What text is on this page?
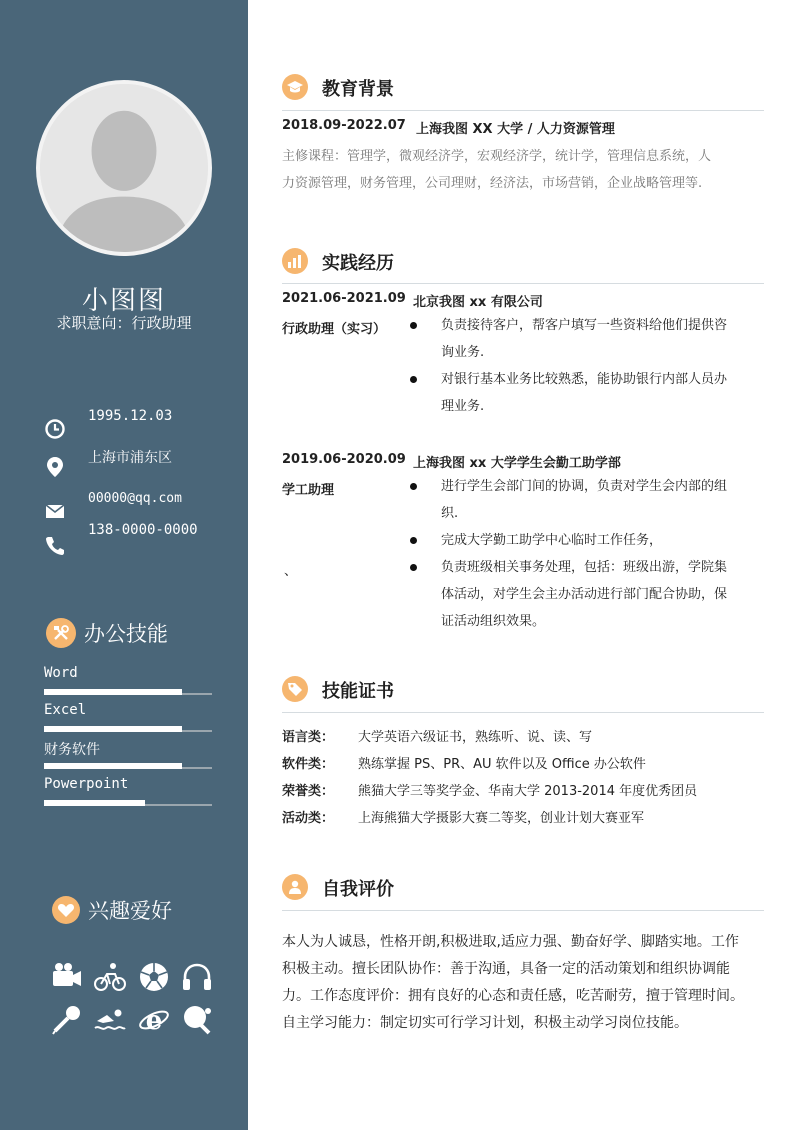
小图图
求职意向：行政助理
1995.12.03
上海市浦东区
00000@qq.com
138-0000-0000
办公技能
Word
Excel
财务软件
Powerpoint
兴趣爱好
e
教育背景
2018.09-2022.07 上海我图 XX 大学 / 人力资源管理
主修课程：管理学，微观经济学，宏观经济学，统计学，管理信息系统，人
力资源管理，财务管理，公司理财，经济法，市场营销，企业战略管理等.
实践经历
2021.06-2021.09 北京我图 xx 有限公司
行政助理（实习）	负责接待客户，帮客户填写一些资料给他们提供咨询业务.
对银行基本业务比较熟悉，能协助银行内部人员办理业务.
2019.06-2020.09 上海我图 xx 大学学生会勤工助学部
学工助理
、
进行学生会部门间的协调，负责对学生会内部的组织.
完成大学勤工助学中心临时工作任务，
负责班级相关事务处理，包括：班级出游，学院集体活动，对学生会主办活动进行部门配合协助，保证活动组织效果。
技能证书
语言类： 大学英语六级证书，熟练听、说、读、写
软件类： 熟练掌握 PS、PR、AU 软件以及 Office 办公软件
荣誉类： 熊猫大学三等奖学金、华南大学 2013-2014 年度优秀团员
活动类： 上海熊猫大学摄影大赛二等奖，创业计划大赛亚军
自我评价
本人为人诚恳，性格开朗,积极进取,适应力强、勤奋好学、脚踏实地。工作积极主动。擅长团队协作：善于沟通，具备一定的活动策划和组织协调能力。工作态度评价：拥有良好的心态和责任感，吃苦耐劳，擅于管理时间。自主学习能力：制定切实可行学习计划，积极主动学习岗位技能。
